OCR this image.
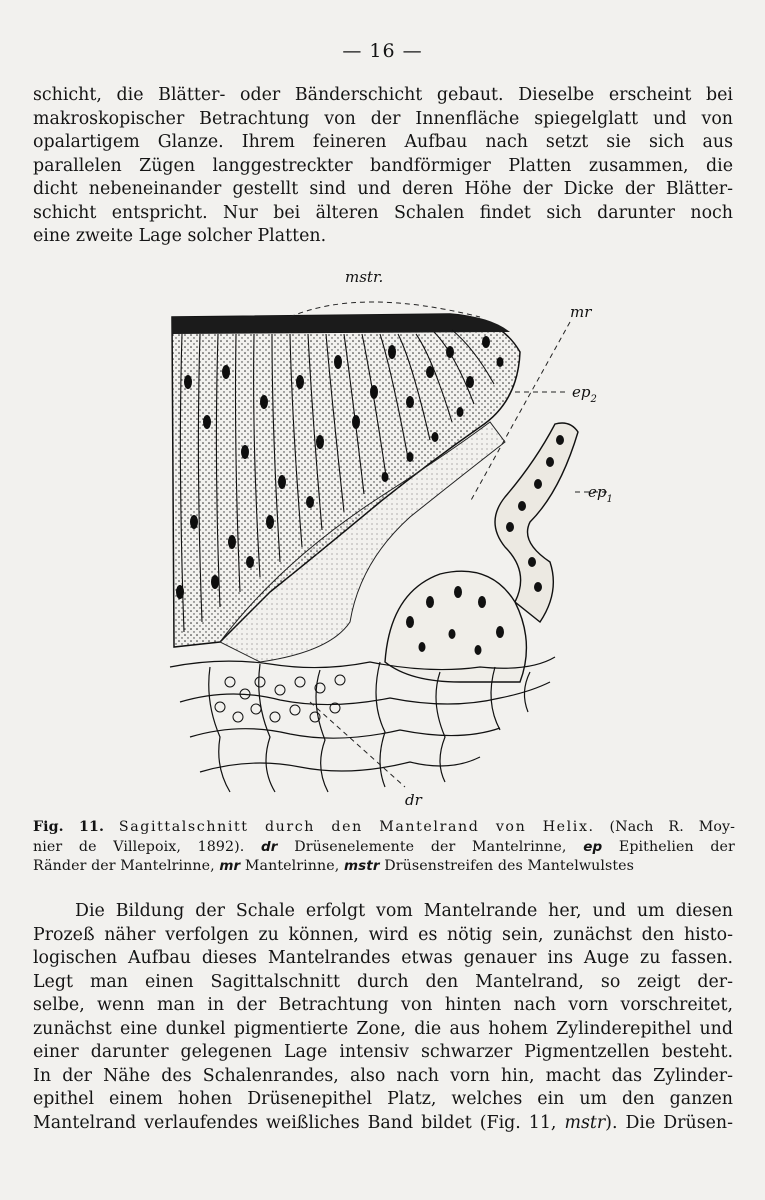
— 16 —
schicht, die Blätter- oder Bänderschicht gebaut. Dieselbe erscheint bei
makroskopischer Betrachtung von der Innenfläche spiegelglatt und von
opalartigem Glanze. Ihrem feineren Aufbau nach setzt sie sich aus
parallelen Zügen langgestreckter bandförmiger Platten zusammen, die
dicht nebeneinander gestellt sind und deren Höhe der Dicke der Blätter-
schicht entspricht. Nur bei älteren Schalen findet sich darunter noch
eine zweite Lage solcher Platten.
mstr.
mr
$ep_2$
$ep_1$
dr
Fig. 11. Sagittalschnitt durch den Mantelrand von Helix. (Nach R. Moy-
nier de Villepoix, 1892). dr Drüsenelemente der Mantelrinne, ep Epithelien der
Ränder der Mantelrinne, mr Mantelrinne, mstr Drüsenstreifen des Mantelwulstes
Die Bildung der Schale erfolgt vom Mantelrande her, und um diesen
Prozeß näher verfolgen zu können, wird es nötig sein, zunächst den histo-
logischen Aufbau dieses Mantelrandes etwas genauer ins Auge zu fassen.
Legt man einen Sagittalschnitt durch den Mantelrand, so zeigt der-
selbe, wenn man in der Betrachtung von hinten nach vorn vorschreitet,
zunächst eine dunkel pigmentierte Zone, die aus hohem Zylinderepithel und
einer darunter gelegenen Lage intensiv schwarzer Pigmentzellen besteht.
In der Nähe des Schalenrandes, also nach vorn hin, macht das Zylinder-
epithel einem hohen Drüsenepithel Platz, welches ein um den ganzen
Mantelrand verlaufendes weißliches Band bildet (Fig. 11, mstr). Die Drüsen-
